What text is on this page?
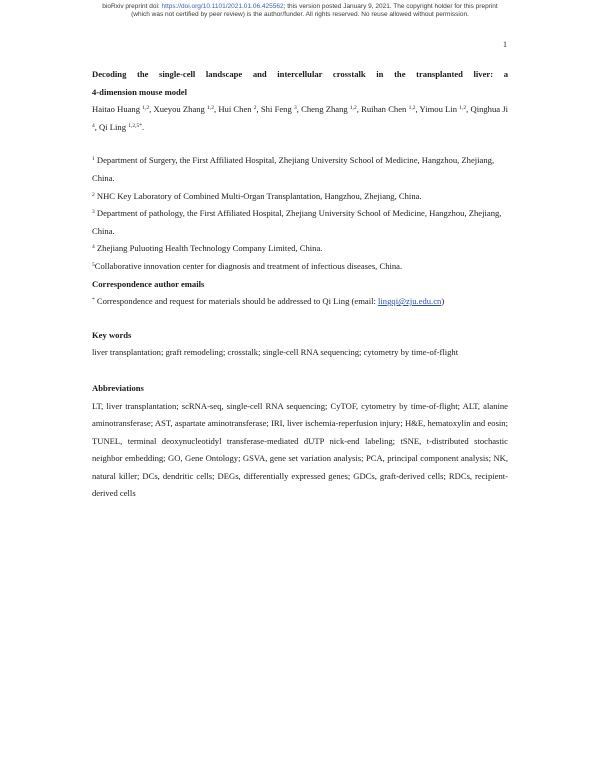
bioRxiv preprint doi: https://doi.org/10.1101/2021.01.06.425562; this version posted January 9, 2021. The copyright holder for this preprint
(which was not certified by peer review) is the author/funder. All rights reserved. No reuse allowed without permission.
1

Decoding the single-cell landscape and intercellular crosstalk in the transplanted liver: a
4-dimension mouse model

Haitao Huang $^{1,2}$, Xueyou Zhang $^{1,2}$, Hui Chen $^2$, Shi Feng $^3$, Cheng Zhang $^{1,2}$, Ruihan Chen $^{1,2}$, Yimou Lin $^{1,2}$, Qinghua Ji $^4$, Qi Ling $^{1,2,5*}$.

$^1$ Department of Surgery, the First Affiliated Hospital, Zhejiang University School of Medicine, Hangzhou, Zhejiang, China.

$^2$ NHC Key Laboratory of Combined Multi-Organ Transplantation, Hangzhou, Zhejiang, China.

$^3$ Department of pathology, the First Affiliated Hospital, Zhejiang University School of Medicine, Hangzhou, Zhejiang, China.

$^4$ Zhejiang Puluoting Health Technology Company Limited, China.

$^5$Collaborative innovation center for diagnosis and treatment of infectious diseases, China.

Correspondence author emails

* Correspondence and request for materials should be addressed to Qi Ling (email: lingqi@zju.edu.cn)

Key words

liver transplantation; graft remodeling; crosstalk; single-cell RNA sequencing; cytometry by time-of-flight

Abbreviations

LT, liver transplantation; scRNA-seq, single-cell RNA sequencing; CyTOF, cytometry by time-of-flight; ALT, alanine aminotransferase; AST, aspartate aminotransferase; IRI, liver ischemia-reperfusion injury; H&E, hematoxylin and eosin; TUNEL, terminal deoxynucleotidyl transferase-mediated dUTP nick-end labeling; tSNE, t-distributed stochastic neighbor embedding; GO, Gene Ontology; GSVA, gene set variation analysis; PCA, principal component analysis; NK, natural killer; DCs, dendritic cells; DEGs, differentially expressed genes; GDCs, graft-derived cells; RDCs, recipient-derived cells
